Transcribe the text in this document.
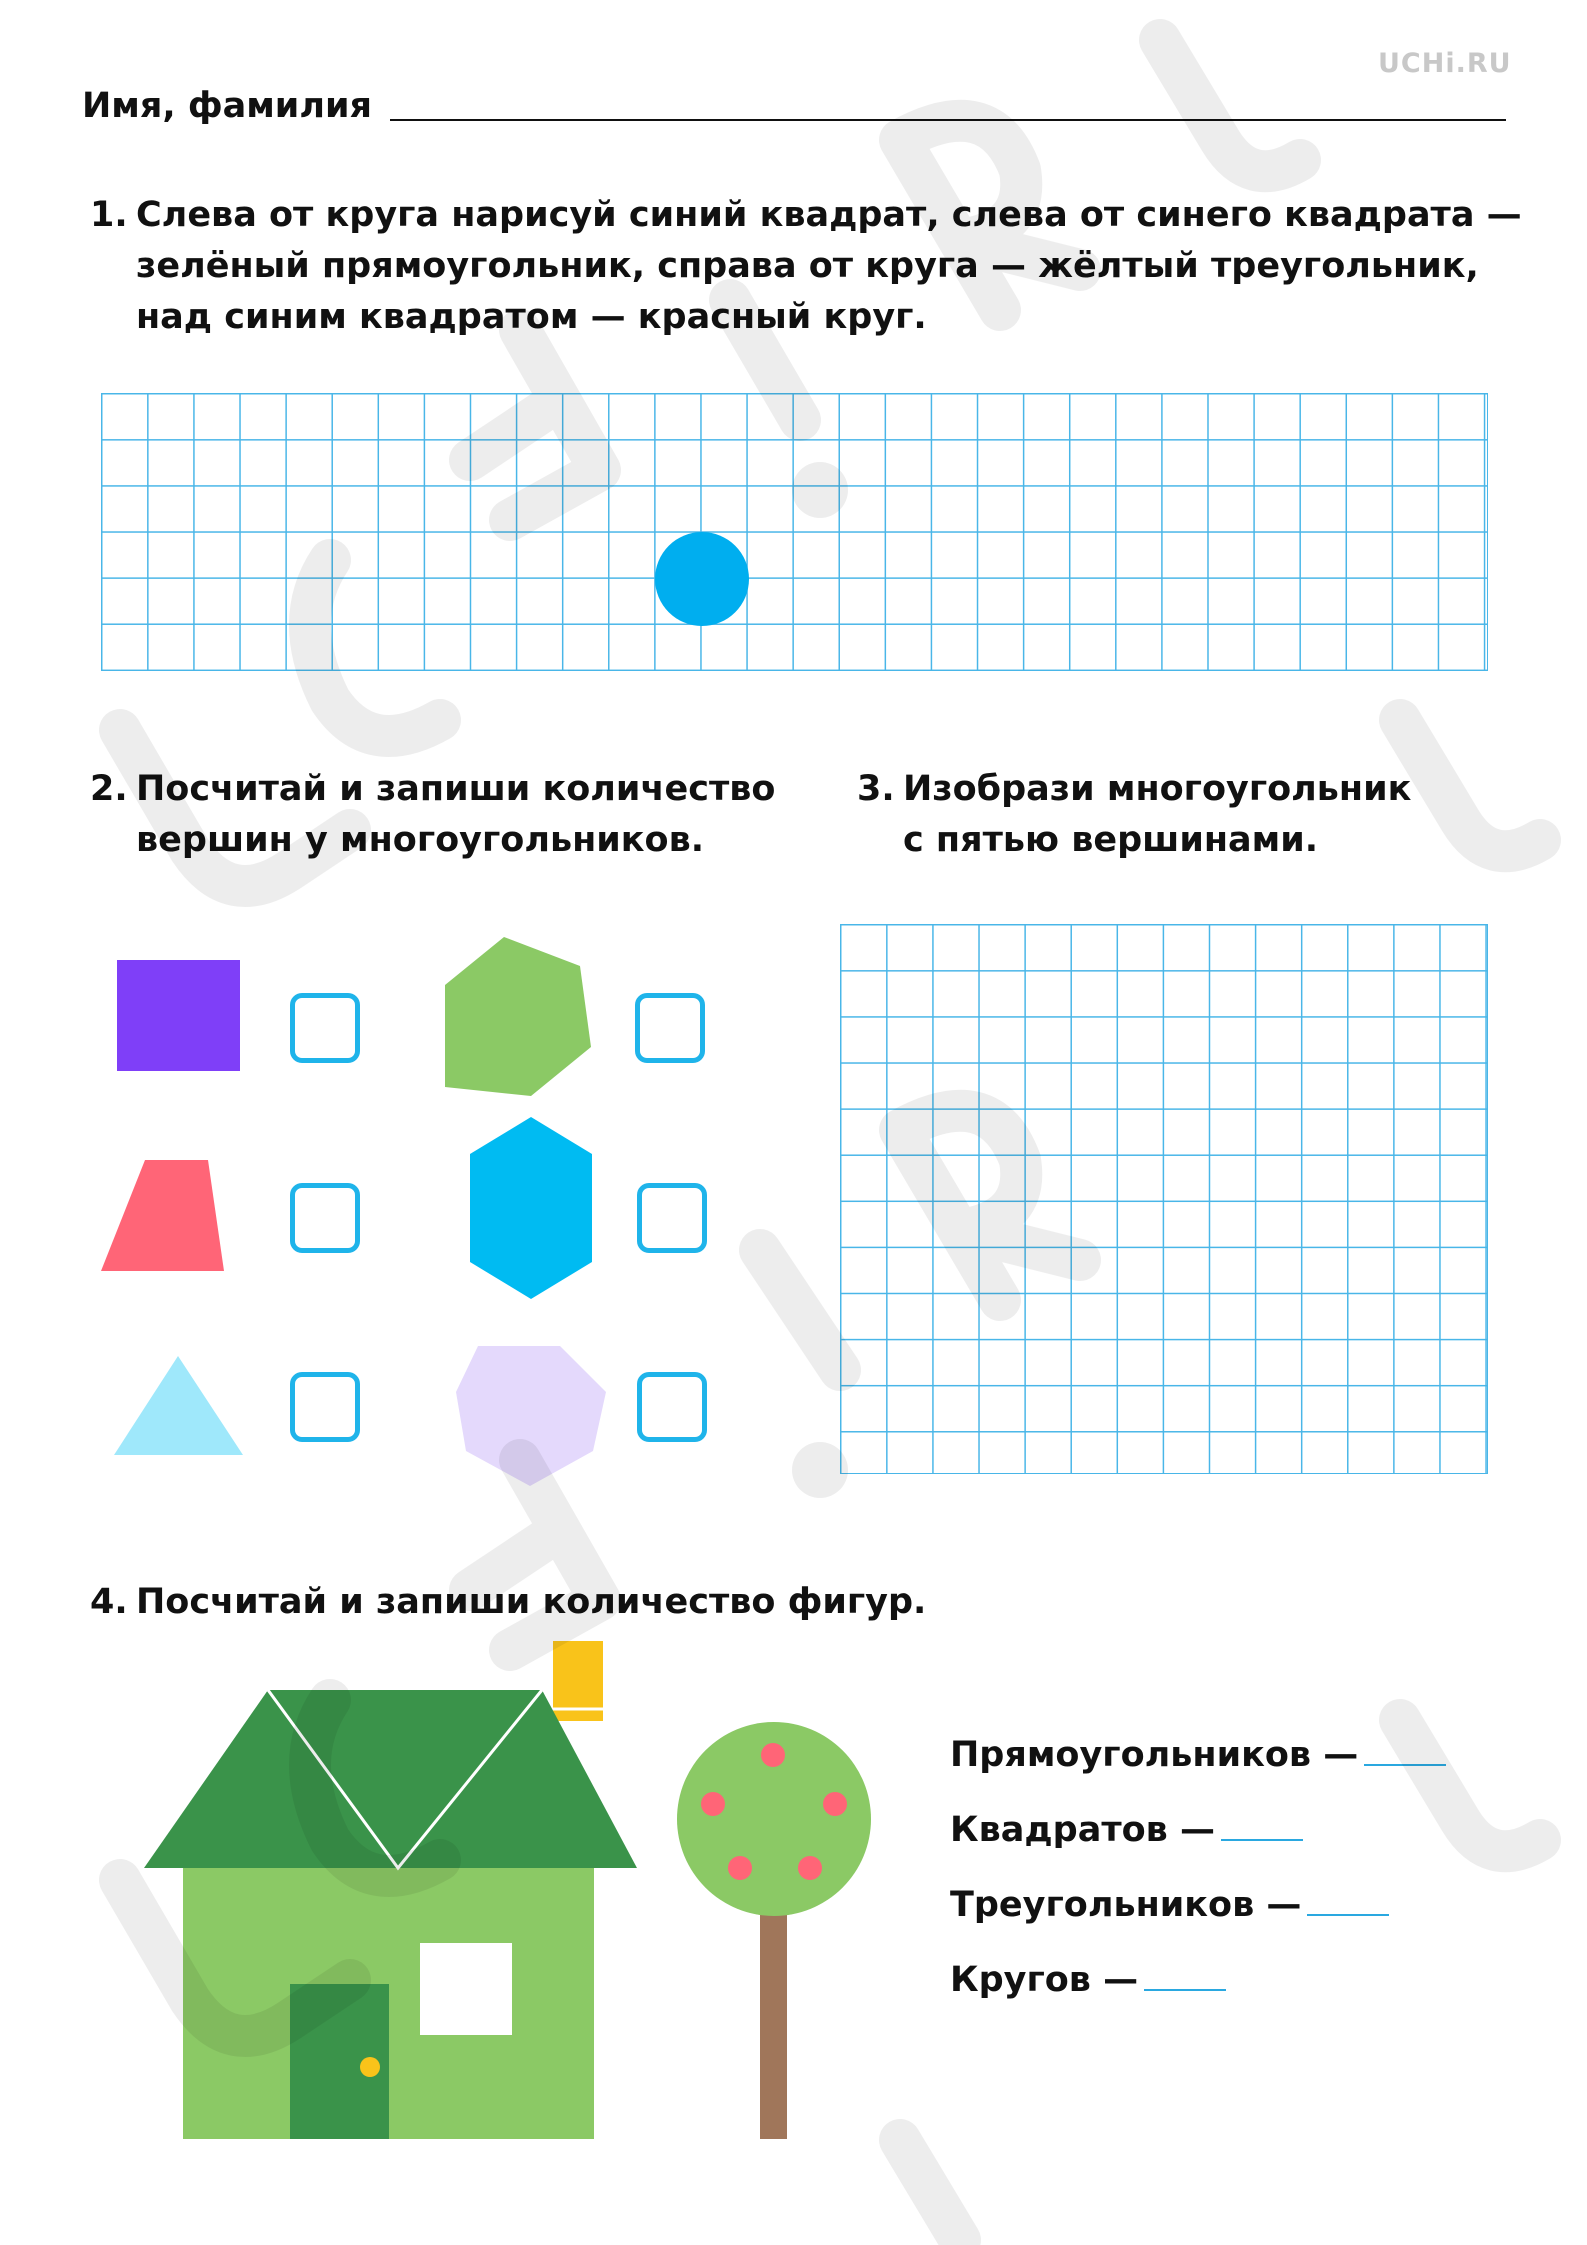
UCHi.RU
Имя, фамилия
1. Слева от круга нарисуй синий квадрат, слева от синего квадрата —
зелёный прямоугольник, справа от круга — жёлтый треугольник,
над синим квадратом — красный круг.
2. Посчитай и запиши количество
вершин у многоугольников.
3. Изобрази многоугольник
с пятью вершинами.
4. Посчитай и запиши количество фигур.
Прямоугольников —
Квадратов —
Треугольников —
Кругов —
